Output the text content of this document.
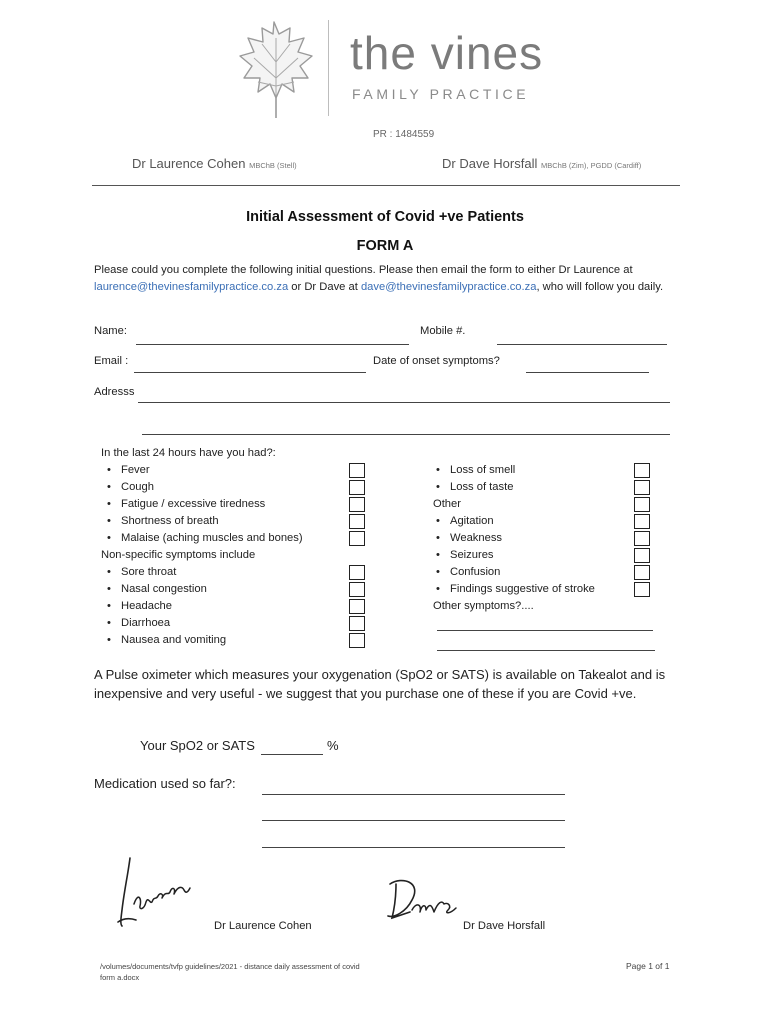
the vines
FAMILY PRACTICE
PR : 1484559
Dr Laurence Cohen MBChB (Stell)	Dr Dave Horsfall MBChB (Zim), PGDD (Cardiff)
Initial Assessment of Covid +ve Patients
FORM A
Please could you complete the following initial questions. Please then email the form to either Dr Laurence at laurence@thevinesfamilypractice.co.za or Dr Dave at dave@thevinesfamilypractice.co.za, who will follow you daily.
Name:	Mobile #.
Email :	Date of onset symptoms?
Adresss
In the last 24 hours have you had?:
• Fever
• Cough
• Fatigue / excessive tiredness
• Shortness of breath
• Malaise (aching muscles and bones)
Non-specific symptoms include
• Sore throat
• Nasal congestion
• Headache
• Diarrhoea
• Nausea and vomiting
• Loss of smell
• Loss of taste
Other
• Agitation
• Weakness
• Seizures
• Confusion
• Findings suggestive of stroke
Other symptoms?....
A Pulse oximeter which measures your oxygenation (SpO2 or SATS) is available on Takealot and is inexpensive and very useful - we suggest that you purchase one of these if you are Covid +ve.
Your SpO2 or SATS	%
Medication used so far?:
Dr Laurence Cohen	Dr Dave Horsfall
/volumes/documents/tvfp guidelines/2021 - distance daily assessment of covid form a.docx
Page 1 of 1
